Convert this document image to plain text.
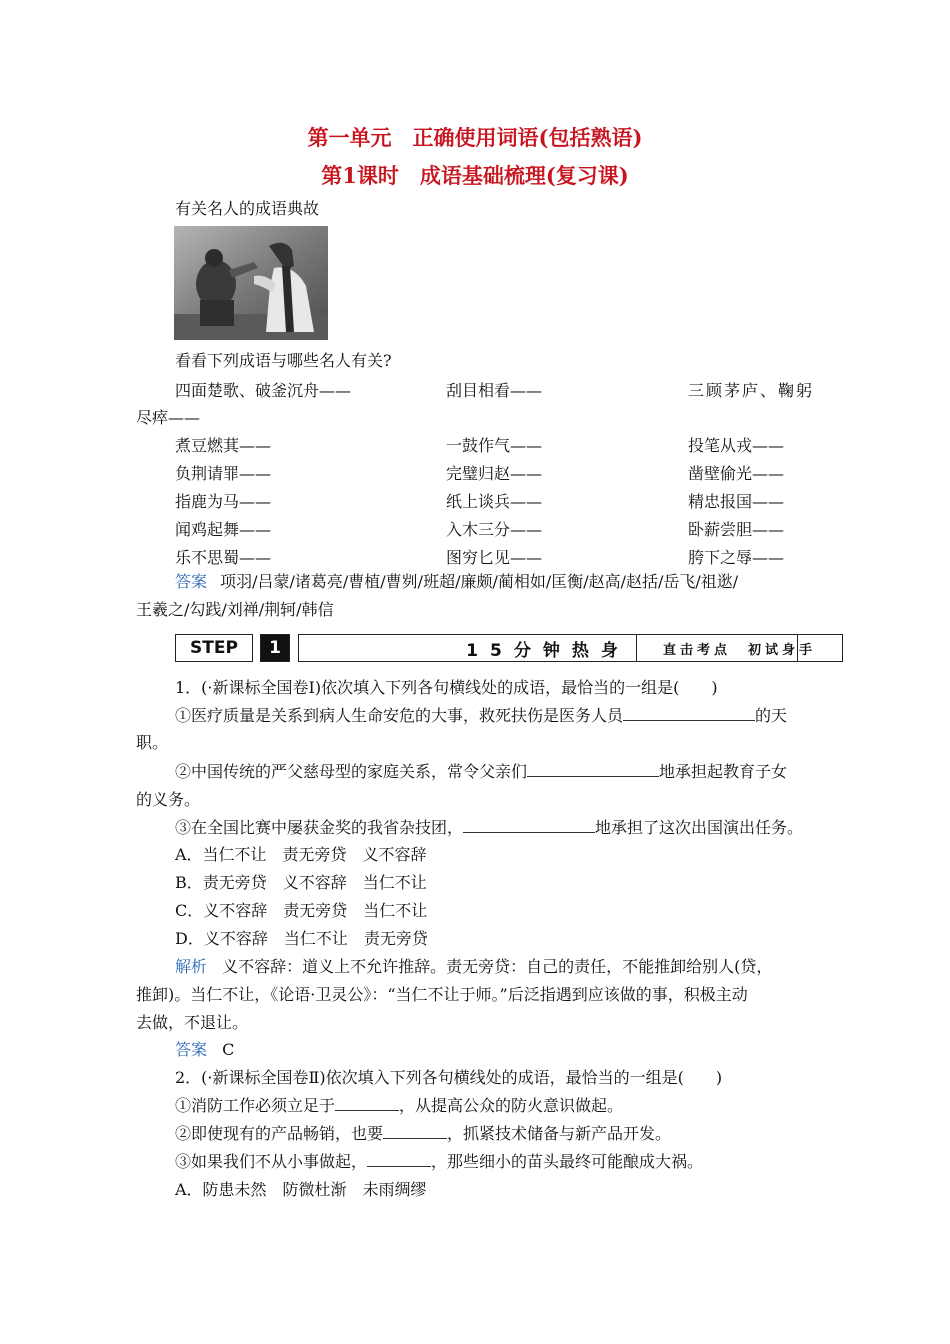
第一单元　正确使用词语(包括熟语)
第1课时　成语基础梳理(复习课)
有关名人的成语典故
看看下列成语与哪些名人有关?
四面楚歌、破釜沉舟——	刮目相看——	三顾茅庐、鞠躬
尽瘁——
煮豆燃萁——	一鼓作气——	投笔从戎——
负荆请罪——	完璧归赵——	凿壁偷光——
指鹿为马——	纸上谈兵——	精忠报国——
闻鸡起舞——	入木三分——	卧薪尝胆——
乐不思蜀——	图穷匕见——	胯下之辱——
答案 项羽/吕蒙/诸葛亮/曹植/曹刿/班超/廉颇/蔺相如/匡衡/赵高/赵括/岳飞/祖逖/
王羲之/勾践/刘禅/荆轲/韩信
STEP	1	15分钟热身	直击考点　初试身手
1．(·新课标全国卷Ⅰ)依次填入下列各句横线处的成语，最恰当的一组是(　　)
①医疗质量是关系到病人生命安危的大事，救死扶伤是医务人员	的天
职。
②中国传统的严父慈母型的家庭关系，常令父亲们	地承担起教育子女
的义务。
③在全国比赛中屡获金奖的我省杂技团，	地承担了这次出国演出任务。
A．当仁不让　责无旁贷　义不容辞
B．责无旁贷　义不容辞　当仁不让
C．义不容辞　责无旁贷　当仁不让
D．义不容辞　当仁不让　责无旁贷
解析 义不容辞：道义上不允许推辞。责无旁贷：自己的责任，不能推卸给别人(贷，
推卸)。当仁不让，《论语·卫灵公》：“当仁不让于师。”后泛指遇到应该做的事，积极主动
去做，不退让。
答案 C
2．(·新课标全国卷Ⅱ)依次填入下列各句横线处的成语，最恰当的一组是(　　)
①消防工作必须立足于	，从提高公众的防火意识做起。
②即使现有的产品畅销，也要	，抓紧技术储备与新产品开发。
③如果我们不从小事做起，	，那些细小的苗头最终可能酿成大祸。
A．防患未然　防微杜渐　未雨绸缪
